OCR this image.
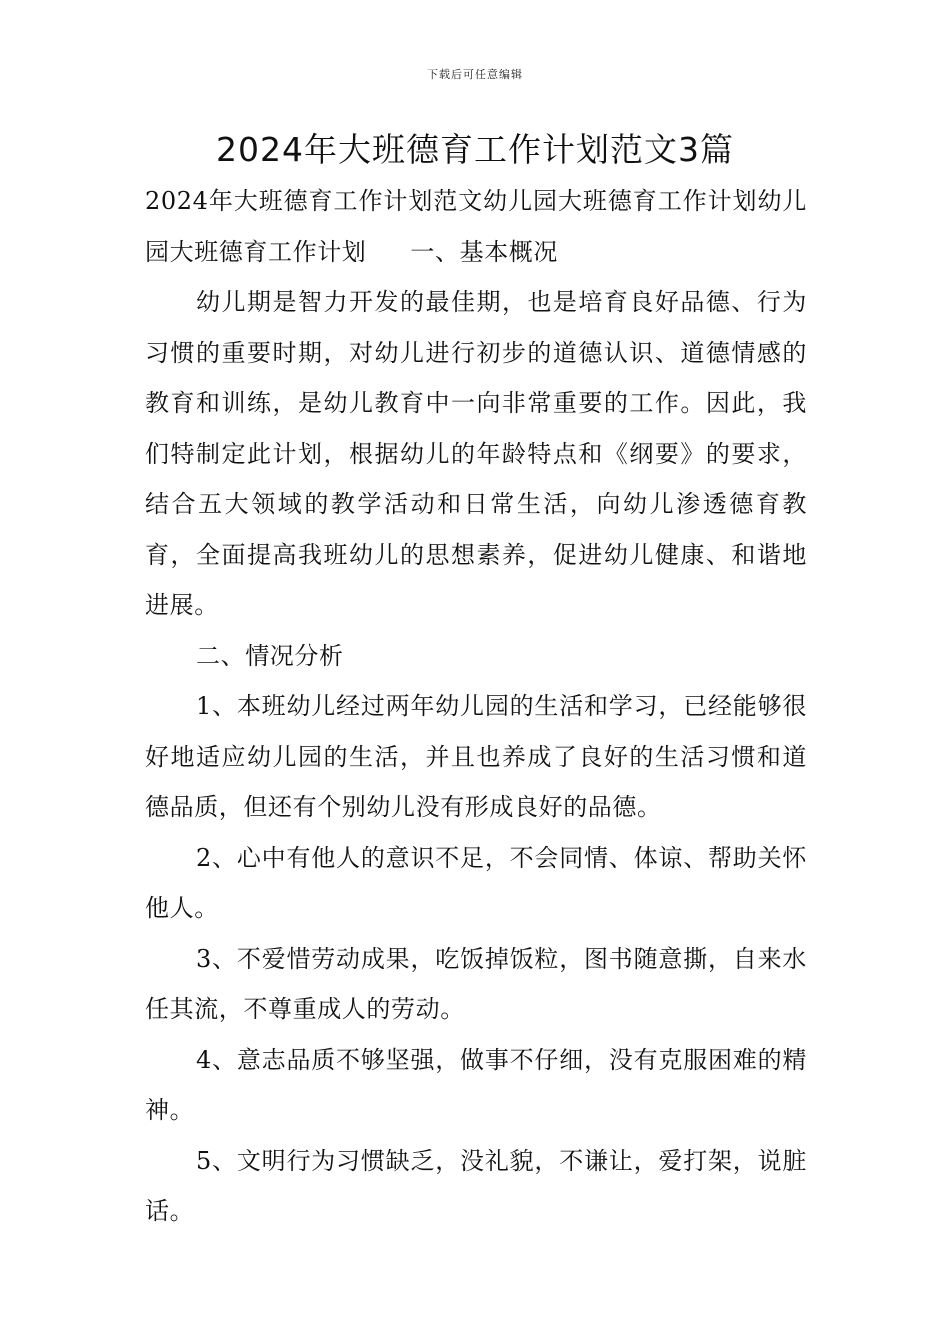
下载后可任意编辑
2024年大班德育工作计划范文3篇

2024年大班德育工作计划范文幼儿园大班德育工作计划幼儿园大班德育工作计划 一、基本概况

幼儿期是智力开发的最佳期，也是培育良好品德、行为习惯的重要时期，对幼儿进行初步的道德认识、道德情感的教育和训练，是幼儿教育中一向非常重要的工作。因此，我们特制定此计划，根据幼儿的年龄特点和《纲要》的要求，结合五大领域的教学活动和日常生活，向幼儿渗透德育教育，全面提高我班幼儿的思想素养，促进幼儿健康、和谐地进展。

二、情况分析

1、本班幼儿经过两年幼儿园的生活和学习，已经能够很好地适应幼儿园的生活，并且也养成了良好的生活习惯和道德品质，但还有个别幼儿没有形成良好的品德。

2、心中有他人的意识不足，不会同情、体谅、帮助关怀他人。

3、不爱惜劳动成果，吃饭掉饭粒，图书随意撕，自来水任其流，不尊重成人的劳动。

4、意志品质不够坚强，做事不仔细，没有克服困难的精神。

5、文明行为习惯缺乏，没礼貌，不谦让，爱打架，说脏话。
